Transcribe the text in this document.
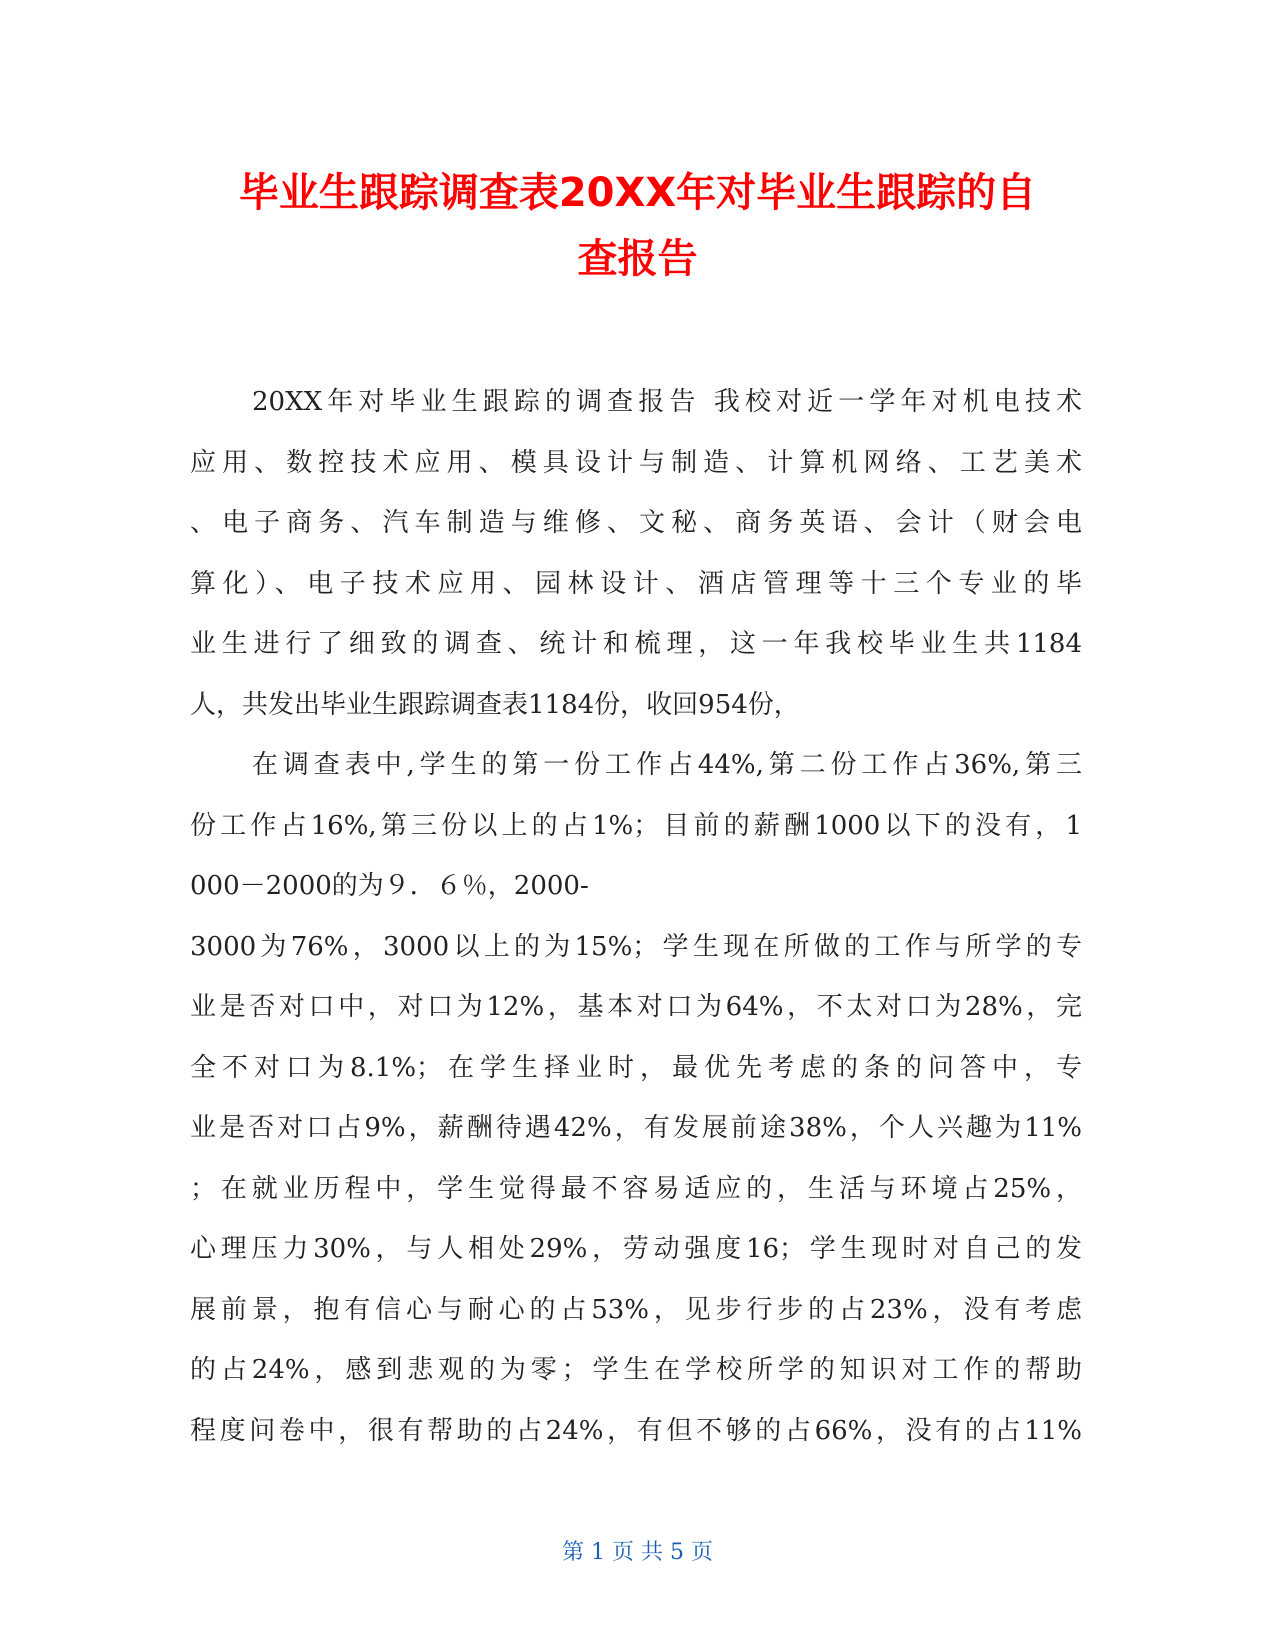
毕业生跟踪调查表20XX年对毕业生跟踪的自
查报告

20XX年对毕业生跟踪的调查报告 我校对近一学年对机电技术
应用、数控技术应用、模具设计与制造、计算机网络、工艺美术
、电子商务、汽车制造与维修、文秘、商务英语、会计（财会电
算化）、电子技术应用、园林设计、酒店管理等十三个专业的毕
业生进行了细致的调查、统计和梳理，这一年我校毕业生共1184
人，共发出毕业生跟踪调查表1184份，收回954份，

在调查表中,学生的第一份工作占44%,第二份工作占36%,第三
份工作占16%,第三份以上的占1%；目前的薪酬1000以下的没有，1
000－2000的为９．６％，2000-
3000为76%，3000以上的为15%；学生现在所做的工作与所学的专
业是否对口中，对口为12%，基本对口为64%，不太对口为28%，完
全不对口为8.1%；在学生择业时，最优先考虑的条的问答中，专
业是否对口占9%，薪酬待遇42%，有发展前途38%，个人兴趣为11%
；在就业历程中，学生觉得最不容易适应的，生活与环境占25%，
心理压力30%，与人相处29%，劳动强度16；学生现时对自己的发
展前景，抱有信心与耐心的占53%，见步行步的占23%，没有考虑
的占24%，感到悲观的为零；学生在学校所学的知识对工作的帮助
程度问卷中，很有帮助的占24%，有但不够的占66%，没有的占11%

第 1 页 共 5 页
